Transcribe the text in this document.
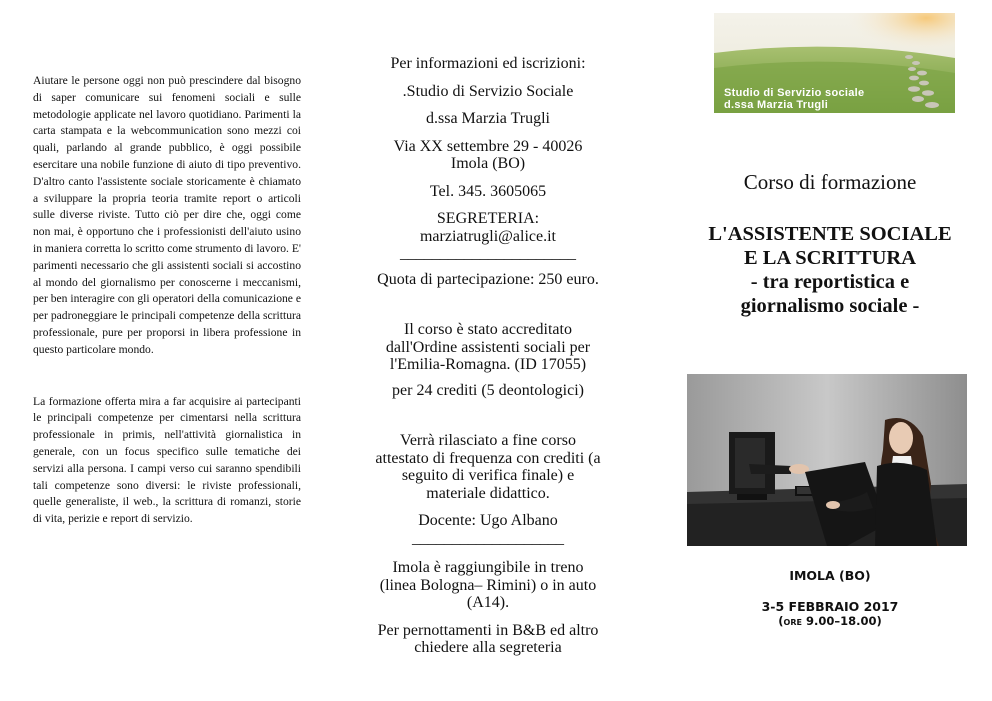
Aiutare le persone oggi non può prescindere dal bisogno di saper comunicare sui fenomeni sociali e sulle metodologie applicate nel lavoro quotidiano. Parimenti la carta stampata e la webcommunication sono mezzi coi quali, parlando al grande pubblico, è oggi possibile esercitare una nobile funzione di aiuto di tipo preventivo. D'altro canto l'assistente sociale storicamente è chiamato a sviluppare la propria teoria tramite report o articoli sulle diverse riviste. Tutto ciò per dire che, oggi come non mai, è opportuno che i professionisti dell'aiuto usino in maniera corretta lo scritto come strumento di lavoro. E' parimenti necessario che gli assistenti sociali si accostino al mondo del giornalismo per conoscerne i meccanismi, per ben interagire con gli operatori della comunicazione e per padroneggiare le principali competenze della scrittura professionale, pure per proporsi in libera professione in questo particolare mondo.

La formazione offerta mira a far acquisire ai partecipanti le principali competenze per cimentarsi nella scrittura professionale in primis, nell'attività giornalistica in generale, con un focus specifico sulle tematiche dei servizi alla persona. I campi verso cui saranno spendibili tali competenze sono diversi: le riviste professionali, quelle generaliste, il web., la scrittura di romanzi, storie di vita, perizie e report di servizio.

Per informazioni ed iscrizioni:
.Studio di Servizio Sociale
d.ssa Marzia Trugli
Via XX settembre 29 - 40026
Imola (BO)
Tel. 345. 3605065
SEGRETERIA:
marziatrugli@alice.it
______________________
Quota di partecipazione: 250 euro.
Il corso è stato accreditato
dall'Ordine assistenti sociali per
l'Emilia-Romagna. (ID 17055)
per 24 crediti (5 deontologici)
Verrà rilasciato a fine corso
attestato di frequenza con crediti (a
seguito di verifica finale) e
materiale didattico.
Docente: Ugo Albano
___________________
Imola è raggiungibile in treno
(linea Bologna– Rimini) o in auto
(A14).
Per pernottamenti in B&B ed altro
chiedere alla segreteria
Studio di Servizio sociale
d.ssa Marzia Trugli
Corso di formazione
L'ASSISTENTE SOCIALE
E LA SCRITTURA
- tra reportistica e
giornalismo sociale -
IMOLA (BO)
3-5 FEBBRAIO 2017
(ore 9.00–18.00)
